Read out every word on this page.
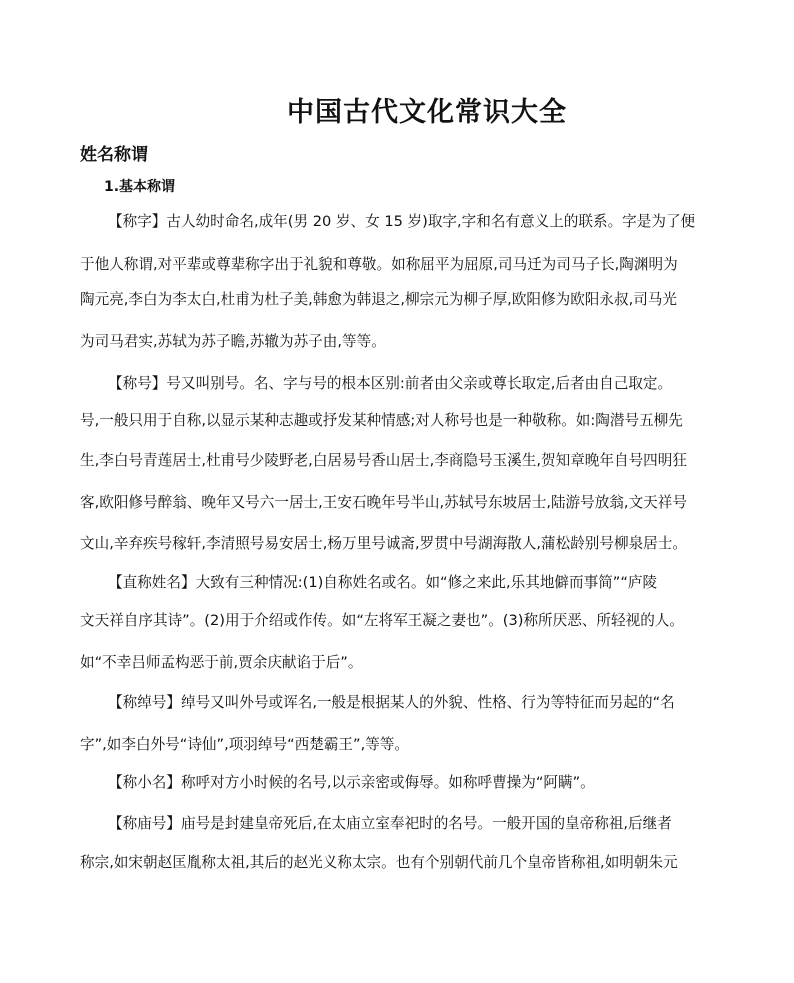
中国古代文化常识大全
姓名称谓
1.基本称谓

【称字】古人幼时命名,成年(男 20 岁、女 15 岁)取字,字和名有意义上的联系。字是为了便

于他人称谓,对平辈或尊辈称字出于礼貌和尊敬。如称屈平为屈原,司马迁为司马子长,陶渊明为

陶元亮,李白为李太白,杜甫为杜子美,韩愈为韩退之,柳宗元为柳子厚,欧阳修为欧阳永叔,司马光

为司马君实,苏轼为苏子瞻,苏辙为苏子由,等等。

【称号】号又叫别号。名、字与号的根本区别:前者由父亲或尊长取定,后者由自己取定。

号,一般只用于自称,以显示某种志趣或抒发某种情感;对人称号也是一种敬称。如:陶潜号五柳先

生,李白号青莲居士,杜甫号少陵野老,白居易号香山居士,李商隐号玉溪生,贺知章晚年自号四明狂

客,欧阳修号醉翁、晚年又号六一居士,王安石晚年号半山,苏轼号东坡居士,陆游号放翁,文天祥号

文山,辛弃疾号稼轩,李清照号易安居士,杨万里号诚斋,罗贯中号湖海散人,蒲松龄别号柳泉居士。

【直称姓名】大致有三种情况:(1)自称姓名或名。如“修之来此,乐其地僻而事简”“庐陵

文天祥自序其诗”。(2)用于介绍或作传。如“左将军王凝之妻也”。(3)称所厌恶、所轻视的人。

如“不幸吕师孟构恶于前,贾余庆献谄于后”。

【称绰号】绰号又叫外号或诨名,一般是根据某人的外貌、性格、行为等特征而另起的“名

字”,如李白外号“诗仙”,项羽绰号“西楚霸王”,等等。

【称小名】称呼对方小时候的名号,以示亲密或侮辱。如称呼曹操为“阿瞒”。

【称庙号】庙号是封建皇帝死后,在太庙立室奉祀时的名号。一般开国的皇帝称祖,后继者

称宗,如宋朝赵匡胤称太祖,其后的赵光义称太宗。也有个别朝代前几个皇帝皆称祖,如明朝朱元
